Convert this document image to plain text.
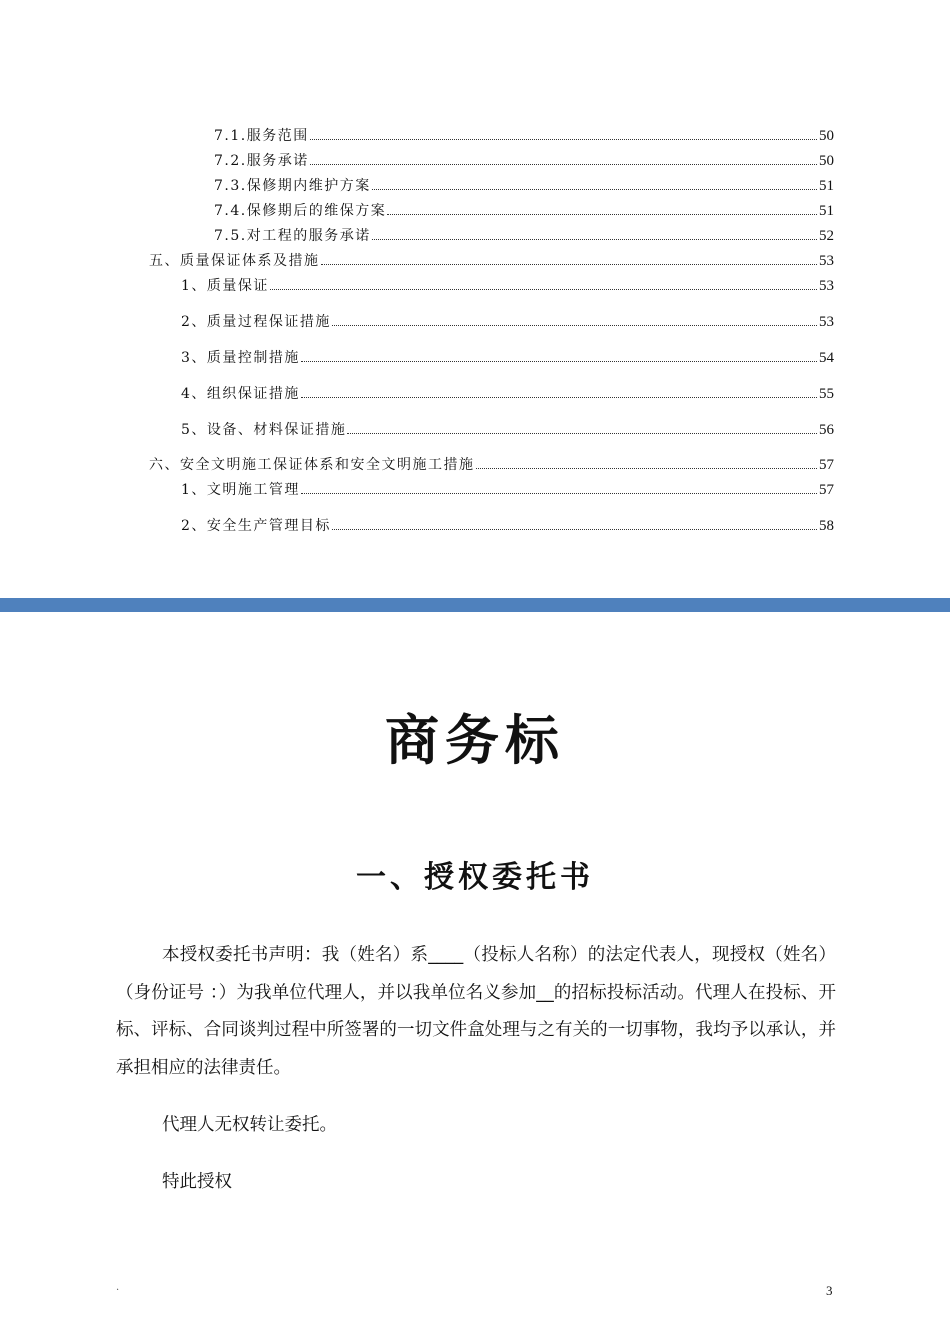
7.1.服务范围	50
7.2.服务承诺	50
7.3.保修期内维护方案	51
7.4.保修期后的维保方案	51
7.5.对工程的服务承诺	52
五、质量保证体系及措施	53
1、质量保证	53
2、质量过程保证措施	53
3、质量控制措施	54
4、组织保证措施	55
5、设备、材料保证措施	56
六、安全文明施工保证体系和安全文明施工措施	57
1、文明施工管理	57
2、安全生产管理目标	58
商务标
一、授权委托书
本授权委托书声明：我（姓名）系____（投标人名称）的法定代表人，现授权（姓名）（身份证号 ：）为我单位代理人，并以我单位名义参加__的招标投标活动。代理人在投标、开标、评标、合同谈判过程中所签署的一切文件盒处理与之有关的一切事物，我均予以承认，并承担相应的法律责任。
代理人无权转让委托。
特此授权
.	3
